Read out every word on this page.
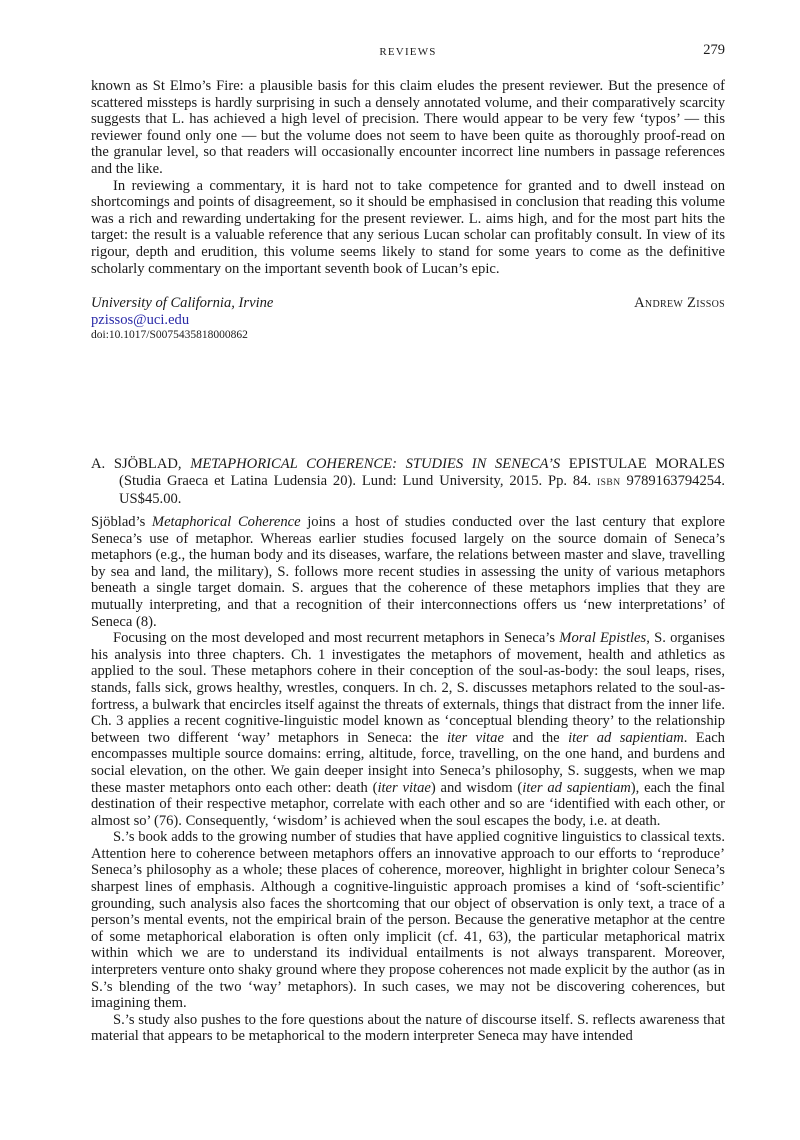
REVIEWS	279

known as St Elmo’s Fire: a plausible basis for this claim eludes the present reviewer. But the presence of scattered missteps is hardly surprising in such a densely annotated volume, and their comparatively scarcity suggests that L. has achieved a high level of precision. There would appear to be very few ‘typos’ — this reviewer found only one — but the volume does not seem to have been quite as thoroughly proof-read on the granular level, so that readers will occasionally encounter incorrect line numbers in passage references and the like.

In reviewing a commentary, it is hard not to take competence for granted and to dwell instead on shortcomings and points of disagreement, so it should be emphasised in conclusion that reading this volume was a rich and rewarding undertaking for the present reviewer. L. aims high, and for the most part hits the target: the result is a valuable reference that any serious Lucan scholar can profitably consult. In view of its rigour, depth and erudition, this volume seems likely to stand for some years to come as the definitive scholarly commentary on the important seventh book of Lucan’s epic.

University of California, Irvine	Andrew Zissos
pzissos@uci.edu
doi:10.1017/S0075435818000862
A. SJÖBLAD, METAPHORICAL COHERENCE: STUDIES IN SENECA’S EPISTULAE MORALES (Studia Graeca et Latina Ludensia 20). Lund: Lund University, 2015. Pp. 84. ISBN 9789163794254. US$45.00.

Sjöblad’s Metaphorical Coherence joins a host of studies conducted over the last century that explore Seneca’s use of metaphor. Whereas earlier studies focused largely on the source domain of Seneca’s metaphors (e.g., the human body and its diseases, warfare, the relations between master and slave, travelling by sea and land, the military), S. follows more recent studies in assessing the unity of various metaphors beneath a single target domain. S. argues that the coherence of these metaphors implies that they are mutually interpreting, and that a recognition of their interconnections offers us ‘new interpretations’ of Seneca (8).

Focusing on the most developed and most recurrent metaphors in Seneca’s Moral Epistles, S. organises his analysis into three chapters. Ch. 1 investigates the metaphors of movement, health and athletics as applied to the soul. These metaphors cohere in their conception of the soul-as-body: the soul leaps, rises, stands, falls sick, grows healthy, wrestles, conquers. In ch. 2, S. discusses metaphors related to the soul-as-fortress, a bulwark that encircles itself against the threats of externals, things that distract from the inner life. Ch. 3 applies a recent cognitive-linguistic model known as ‘conceptual blending theory’ to the relationship between two different ‘way’ metaphors in Seneca: the iter vitae and the iter ad sapientiam. Each encompasses multiple source domains: erring, altitude, force, travelling, on the one hand, and burdens and social elevation, on the other. We gain deeper insight into Seneca’s philosophy, S. suggests, when we map these master metaphors onto each other: death (iter vitae) and wisdom (iter ad sapientiam), each the final destination of their respective metaphor, correlate with each other and so are ‘identified with each other, or almost so’ (76). Consequently, ‘wisdom’ is achieved when the soul escapes the body, i.e. at death.

S.’s book adds to the growing number of studies that have applied cognitive linguistics to classical texts. Attention here to coherence between metaphors offers an innovative approach to our efforts to ‘reproduce’ Seneca’s philosophy as a whole; these places of coherence, moreover, highlight in brighter colour Seneca’s sharpest lines of emphasis. Although a cognitive-linguistic approach promises a kind of ‘soft-scientific’ grounding, such analysis also faces the shortcoming that our object of observation is only text, a trace of a person’s mental events, not the empirical brain of the person. Because the generative metaphor at the centre of some metaphorical elaboration is often only implicit (cf. 41, 63), the particular metaphorical matrix within which we are to understand its individual entailments is not always transparent. Moreover, interpreters venture onto shaky ground where they propose coherences not made explicit by the author (as in S.’s blending of the two ‘way’ metaphors). In such cases, we may not be discovering coherences, but imagining them.

S.’s study also pushes to the fore questions about the nature of discourse itself. S. reflects awareness that material that appears to be metaphorical to the modern interpreter Seneca may have intended
